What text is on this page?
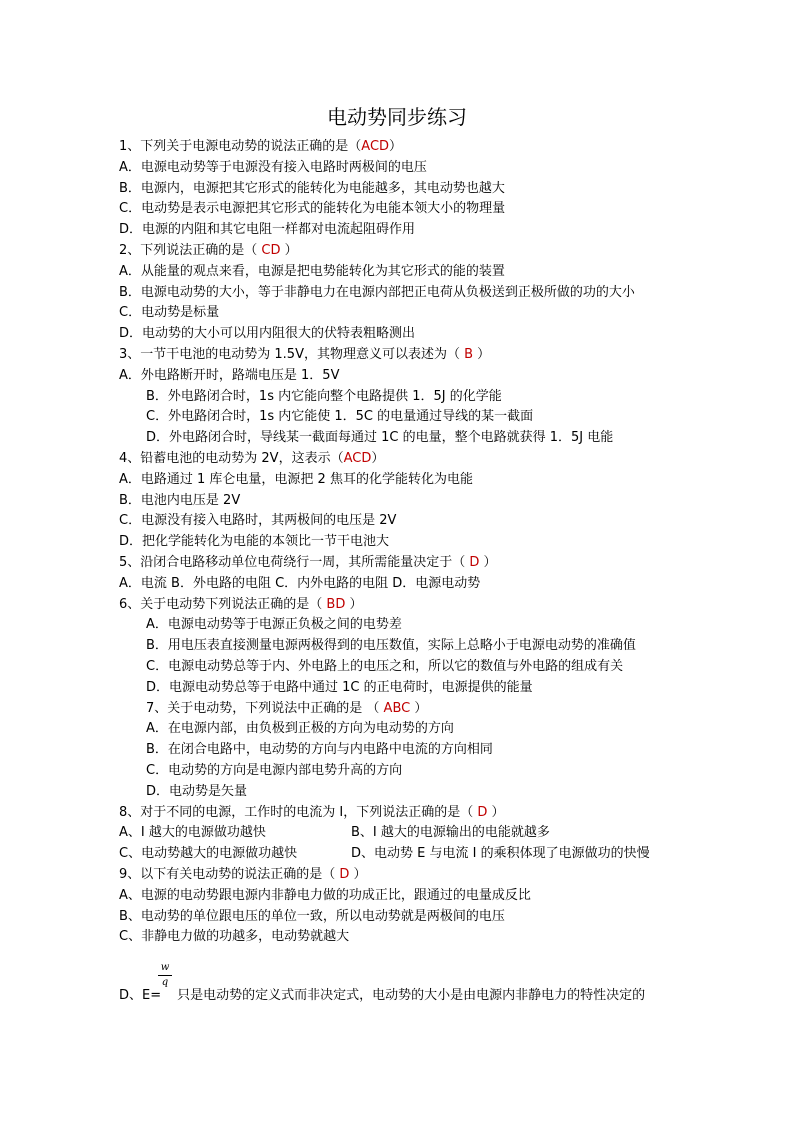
电动势同步练习
1、下列关于电源电动势的说法正确的是（ACD）
A．电源电动势等于电源没有接入电路时两极间的电压
B．电源内，电源把其它形式的能转化为电能越多，其电动势也越大
C．电动势是表示电源把其它形式的能转化为电能本领大小的物理量
D．电源的内阻和其它电阻一样都对电流起阻碍作用
2、下列说法正确的是（ CD ）
A．从能量的观点来看，电源是把电势能转化为其它形式的能的装置
B．电源电动势的大小，等于非静电力在电源内部把正电荷从负极送到正极所做的功的大小
C．电动势是标量
D．电动势的大小可以用内阻很大的伏特表粗略测出
3、一节干电池的电动势为 1.5V，其物理意义可以表述为（ B ）
A．外电路断开时，路端电压是 1．5V
B．外电路闭合时，1s 内它能向整个电路提供 1．5J 的化学能
C．外电路闭合时，1s 内它能使 1．5C 的电量通过导线的某一截面
D．外电路闭合时，导线某一截面每通过 1C 的电量，整个电路就获得 1．5J 电能
4、铅蓄电池的电动势为 2V，这表示（ACD）
A．电路通过 1 库仑电量，电源把 2 焦耳的化学能转化为电能
B．电池内电压是 2V
C．电源没有接入电路时，其两极间的电压是 2V
D．把化学能转化为电能的本领比一节干电池大
5、沿闭合电路移动单位电荷绕行一周，其所需能量决定于（ D ）
A．电流 B．外电路的电阻 C．内外电路的电阻 D．电源电动势
6、关于电动势下列说法正确的是（ BD ）
A．电源电动势等于电源正负极之间的电势差
B．用电压表直接测量电源两极得到的电压数值，实际上总略小于电源电动势的准确值
C．电源电动势总等于内、外电路上的电压之和，所以它的数值与外电路的组成有关
D．电源电动势总等于电路中通过 1C 的正电荷时，电源提供的能量
7、关于电动势，下列说法中正确的是 （ ABC ）
A．在电源内部，由负极到正极的方向为电动势的方向
B．在闭合电路中，电动势的方向与内电路中电流的方向相同
C．电动势的方向是电源内部电势升高的方向
D．电动势是矢量
8、对于不同的电源，工作时的电流为 I，下列说法正确的是（ D ）
A、I 越大的电源做功越快	B、I 越大的电源输出的电能就越多
C、电动势越大的电源做功越快	D、电动势 E 与电流 I 的乘积体现了电源做功的快慢
9、以下有关电动势的说法正确的是（ D ）
A、电源的电动势跟电源内非静电力做的功成正比，跟通过的电量成反比
B、电动势的单位跟电压的单位一致，所以电动势就是两极间的电压
C、非静电力做的功越多，电动势就越大
w
q
D、E= 只是电动势的定义式而非决定式，电动势的大小是由电源内非静电力的特性决定的
